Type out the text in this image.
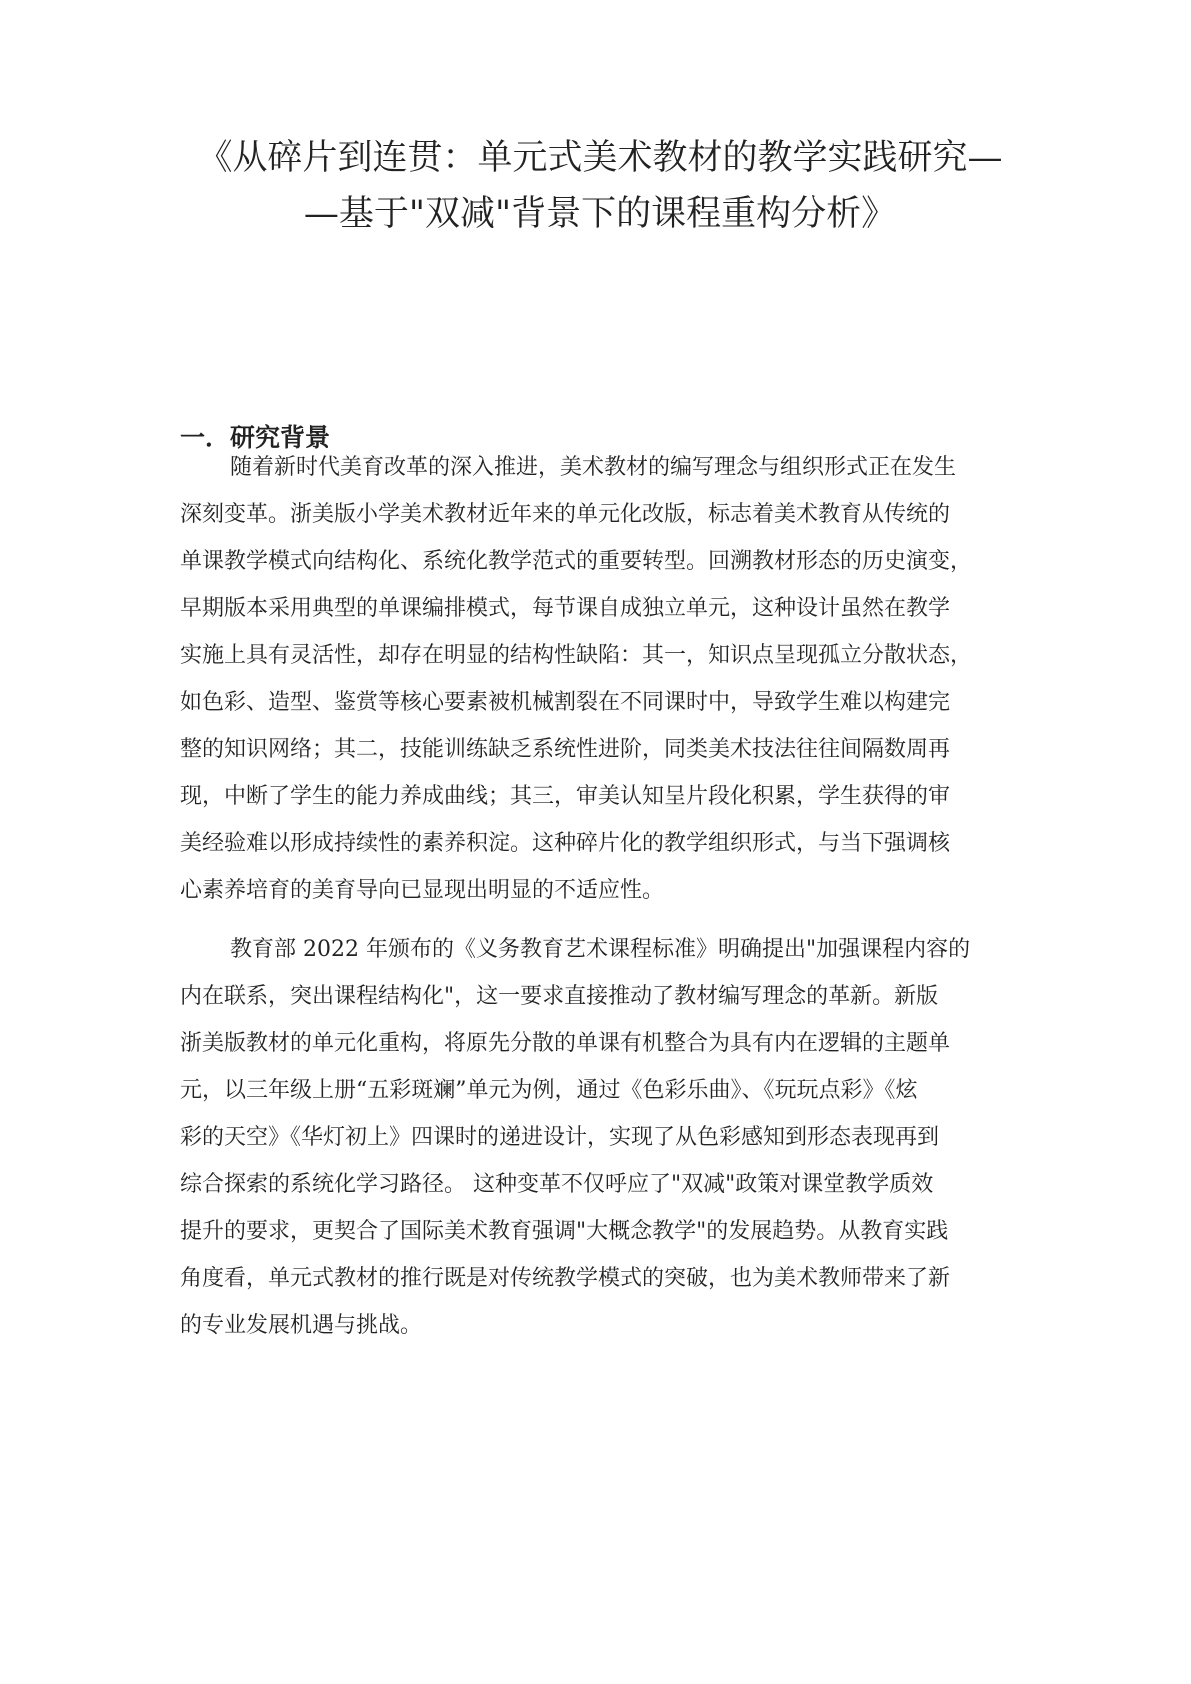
《从碎片到连贯：单元式美术教材的教学实践研究—
—基于"双减"背景下的课程重构分析》
一．研究背景
随着新时代美育改革的深入推进，美术教材的编写理念与组织形式正在发生
深刻变革。浙美版小学美术教材近年来的单元化改版，标志着美术教育从传统的
单课教学模式向结构化、系统化教学范式的重要转型。回溯教材形态的历史演变，
早期版本采用典型的单课编排模式，每节课自成独立单元，这种设计虽然在教学
实施上具有灵活性，却存在明显的结构性缺陷：其一，知识点呈现孤立分散状态，
如色彩、造型、鉴赏等核心要素被机械割裂在不同课时中，导致学生难以构建完
整的知识网络；其二，技能训练缺乏系统性进阶，同类美术技法往往间隔数周再
现，中断了学生的能力养成曲线；其三，审美认知呈片段化积累，学生获得的审
美经验难以形成持续性的素养积淀。这种碎片化的教学组织形式，与当下强调核
心素养培育的美育导向已显现出明显的不适应性。
教育部 2022 年颁布的《义务教育艺术课程标准》明确提出"加强课程内容的
内在联系，突出课程结构化"，这一要求直接推动了教材编写理念的革新。新版
浙美版教材的单元化重构，将原先分散的单课有机整合为具有内在逻辑的主题单
元，以三年级上册“五彩斑斓”单元为例，通过《色彩乐曲》、《玩玩点彩》《炫
彩的天空》《华灯初上》四课时的递进设计，实现了从色彩感知到形态表现再到
综合探索的系统化学习路径。 这种变革不仅呼应了"双减"政策对课堂教学质效
提升的要求，更契合了国际美术教育强调"大概念教学"的发展趋势。从教育实践
角度看，单元式教材的推行既是对传统教学模式的突破，也为美术教师带来了新
的专业发展机遇与挑战。
